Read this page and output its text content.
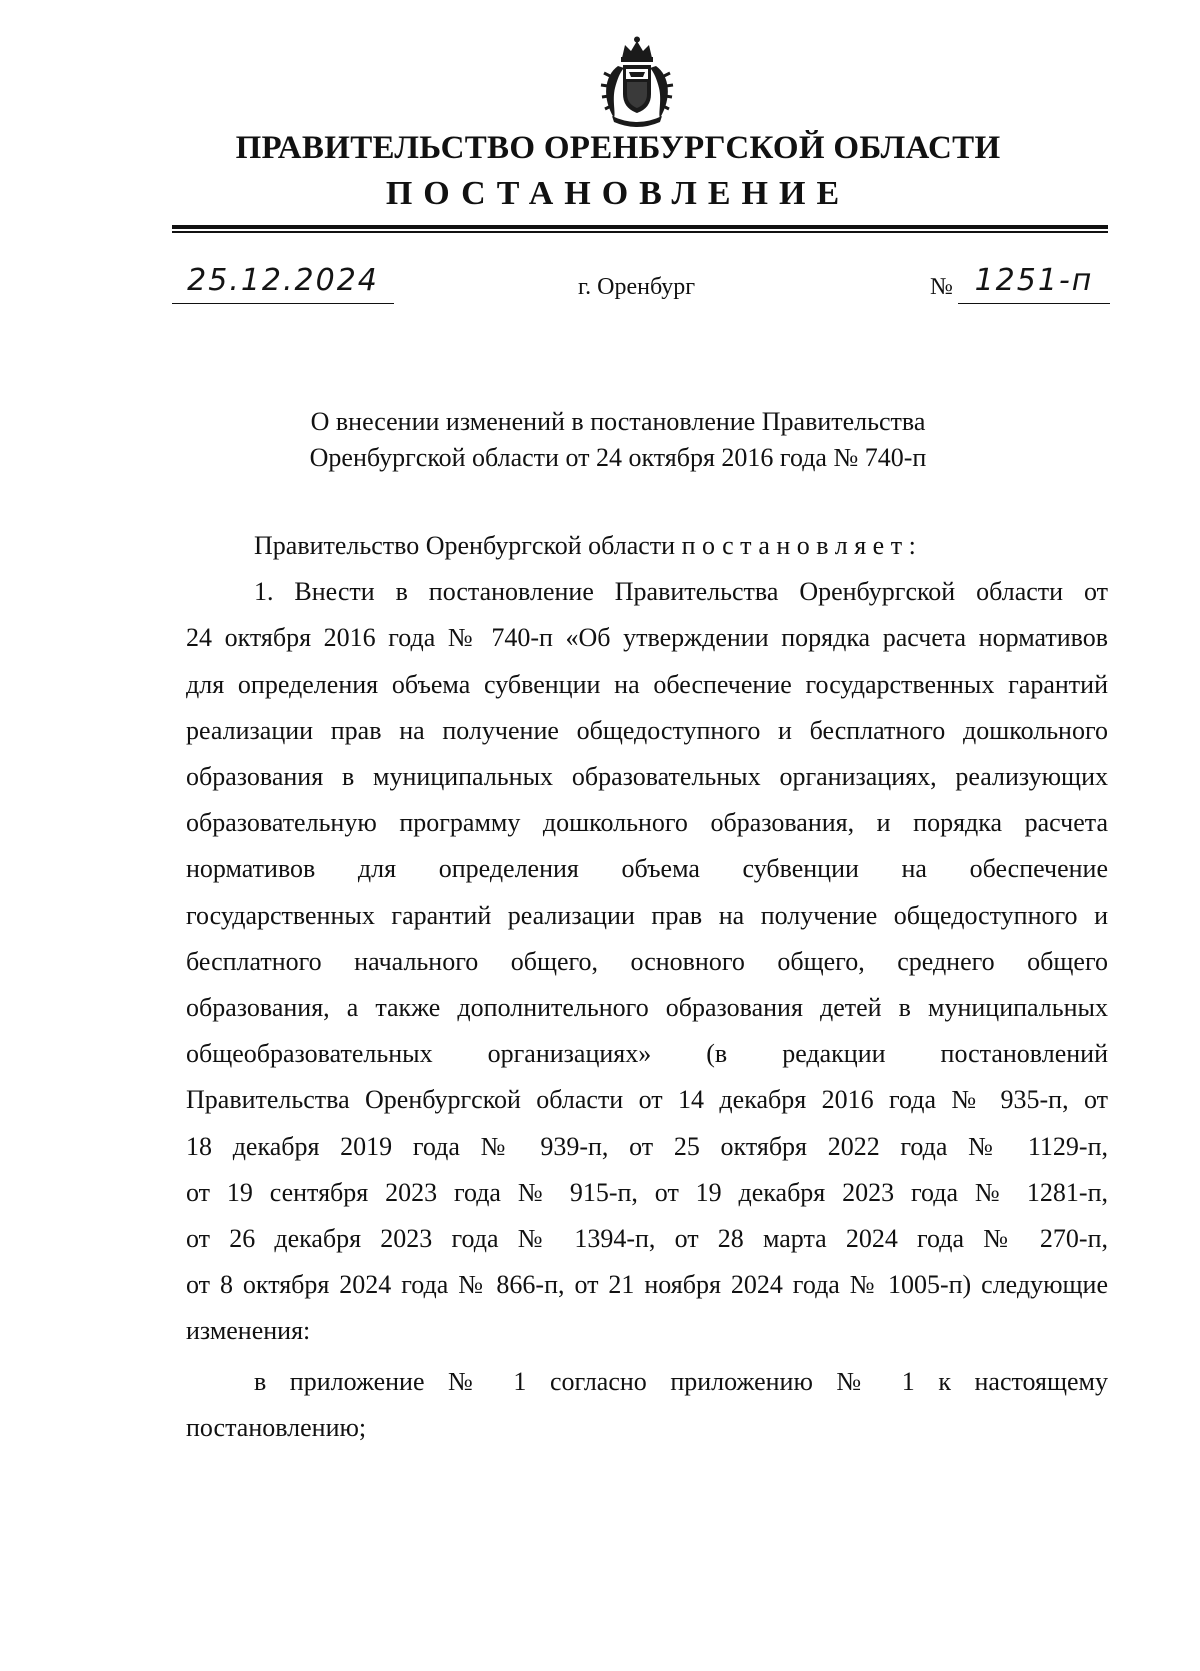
ПРАВИТЕЛЬСТВО ОРЕНБУРГСКОЙ ОБЛАСТИ
ПОСТАНОВЛЕНИЕ
25.12.2024	г. Оренбург	№ 1251-п
О внесении изменений в постановление Правительства
Оренбургской области от 24 октября 2016 года № 740-п

Правительство Оренбургской области постановляет:

1. Внести в постановление Правительства Оренбургской области от

24 октября 2016 года № 740-п «Об утверждении порядка расчета нормативов

для определения объема субвенции на обеспечение государственных гарантий

реализации прав на получение общедоступного и бесплатного дошкольного

образования в муниципальных образовательных организациях, реализующих

образовательную программу дошкольного образования, и порядка расчета

нормативов для определения объема субвенции на обеспечение

государственных гарантий реализации прав на получение общедоступного и

бесплатного начального общего, основного общего, среднего общего

образования, а также дополнительного образования детей в муниципальных

общеобразовательных организациях» (в редакции постановлений

Правительства Оренбургской области от 14 декабря 2016 года № 935-п, от

18 декабря 2019 года № 939-п, от 25 октября 2022 года № 1129-п,

от 19 сентября 2023 года № 915-п, от 19 декабря 2023 года № 1281-п,

от 26 декабря 2023 года № 1394-п, от 28 марта 2024 года № 270-п,

от 8 октября 2024 года № 866-п, от 21 ноября 2024 года № 1005-п) следующие

изменения:

в приложение № 1 согласно приложению № 1 к настоящему

постановлению;
